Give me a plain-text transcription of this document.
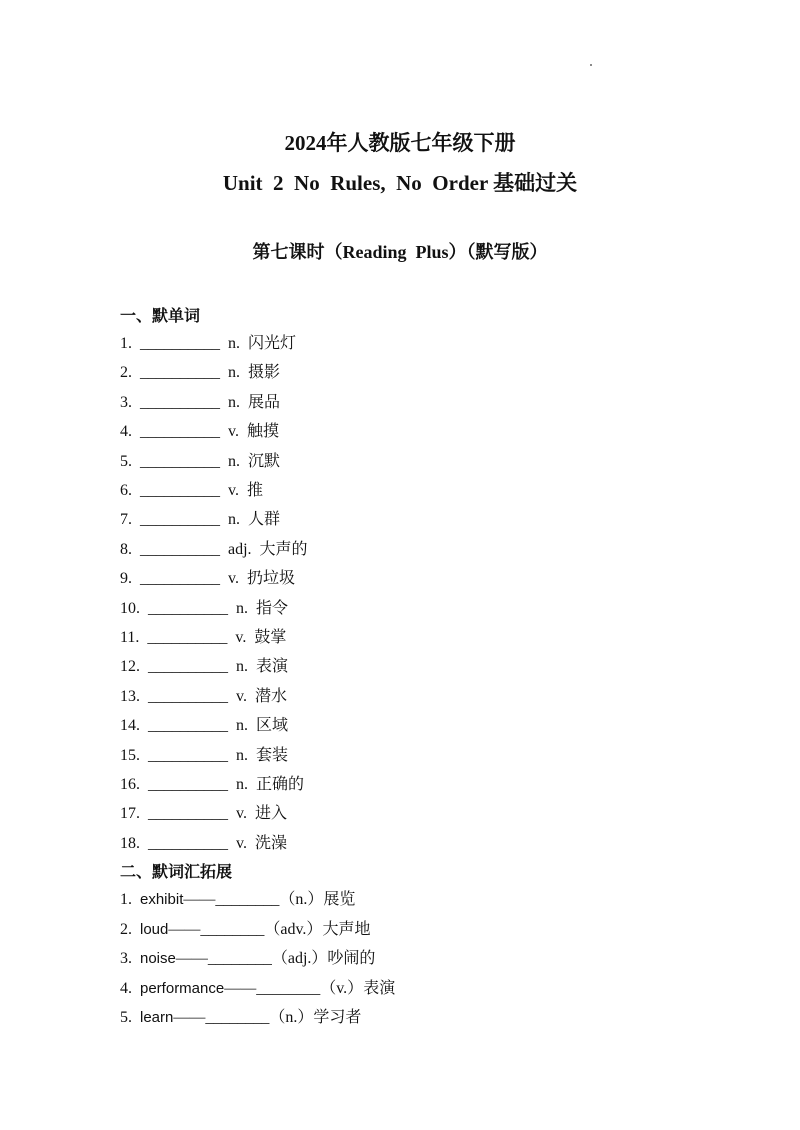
2024年人教版七年级下册
Unit  2  No  Rules,  No  Order 基础过关
第七课时（Reading  Plus）（默写版）
一、默单词
1. __________ n. 闪光灯
2. __________ n. 摄影
3. __________ n. 展品
4. __________ v. 触摸
5. __________ n. 沉默
6. __________ v. 推
7. __________ n. 人群
8. __________ adj. 大声的
9. __________ v. 扔垃圾
10. __________ n. 指令
11. __________ v. 鼓掌
12. __________ n. 表演
13. __________ v. 潜水
14. __________ n. 区域
15. __________ n. 套装
16. __________ n. 正确的
17. __________ v. 进入
18. __________ v. 洗澡
二、默词汇拓展
1. exhibit——________（n.）展览
2. loud——________（adv.）大声地
3. noise——________（adj.）吵闹的
4. performance——________（v.）表演
5. learn——________（n.）学习者
